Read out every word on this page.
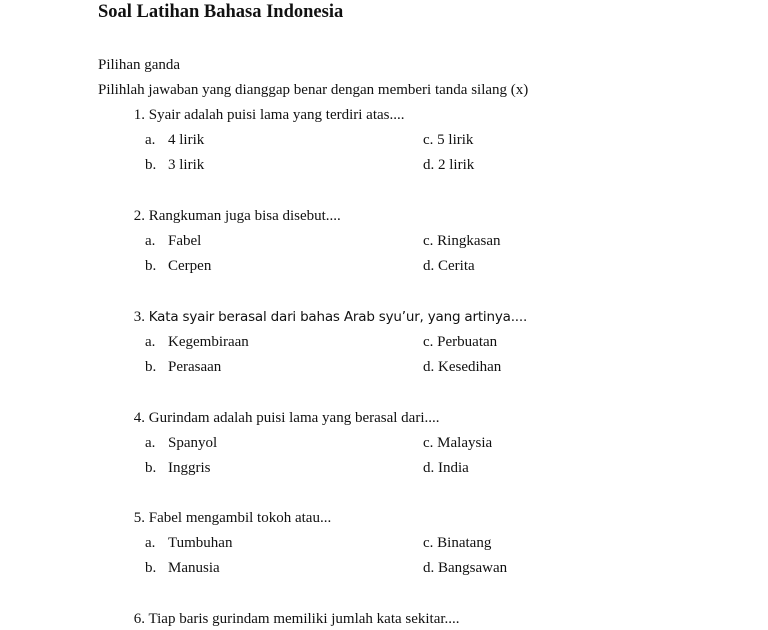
Soal Latihan Bahasa Indonesia

Pilihan ganda

Pilihlah jawaban yang dianggap benar dengan memberi tanda silang (x)

1. Syair adalah puisi lama yang terdiri atas....
a. 4 lirik
b. 3 lirik
c. 5 lirik
d. 2 lirik
2. Rangkuman juga bisa disebut....
a. Fabel
b. Cerpen
c. Ringkasan
d. Cerita
3. Kata syair berasal dari bahas Arab syu’ur, yang artinya....
a. Kegembiraan
b. Perasaan
c. Perbuatan
d. Kesedihan
4. Gurindam adalah puisi lama yang berasal dari....
a. Spanyol
b. Inggris
c. Malaysia
d. India
5. Fabel mengambil tokoh atau...
a. Tumbuhan
b. Manusia
c. Binatang
d. Bangsawan
6. Tiap baris gurindam memiliki jumlah kata sekitar....
